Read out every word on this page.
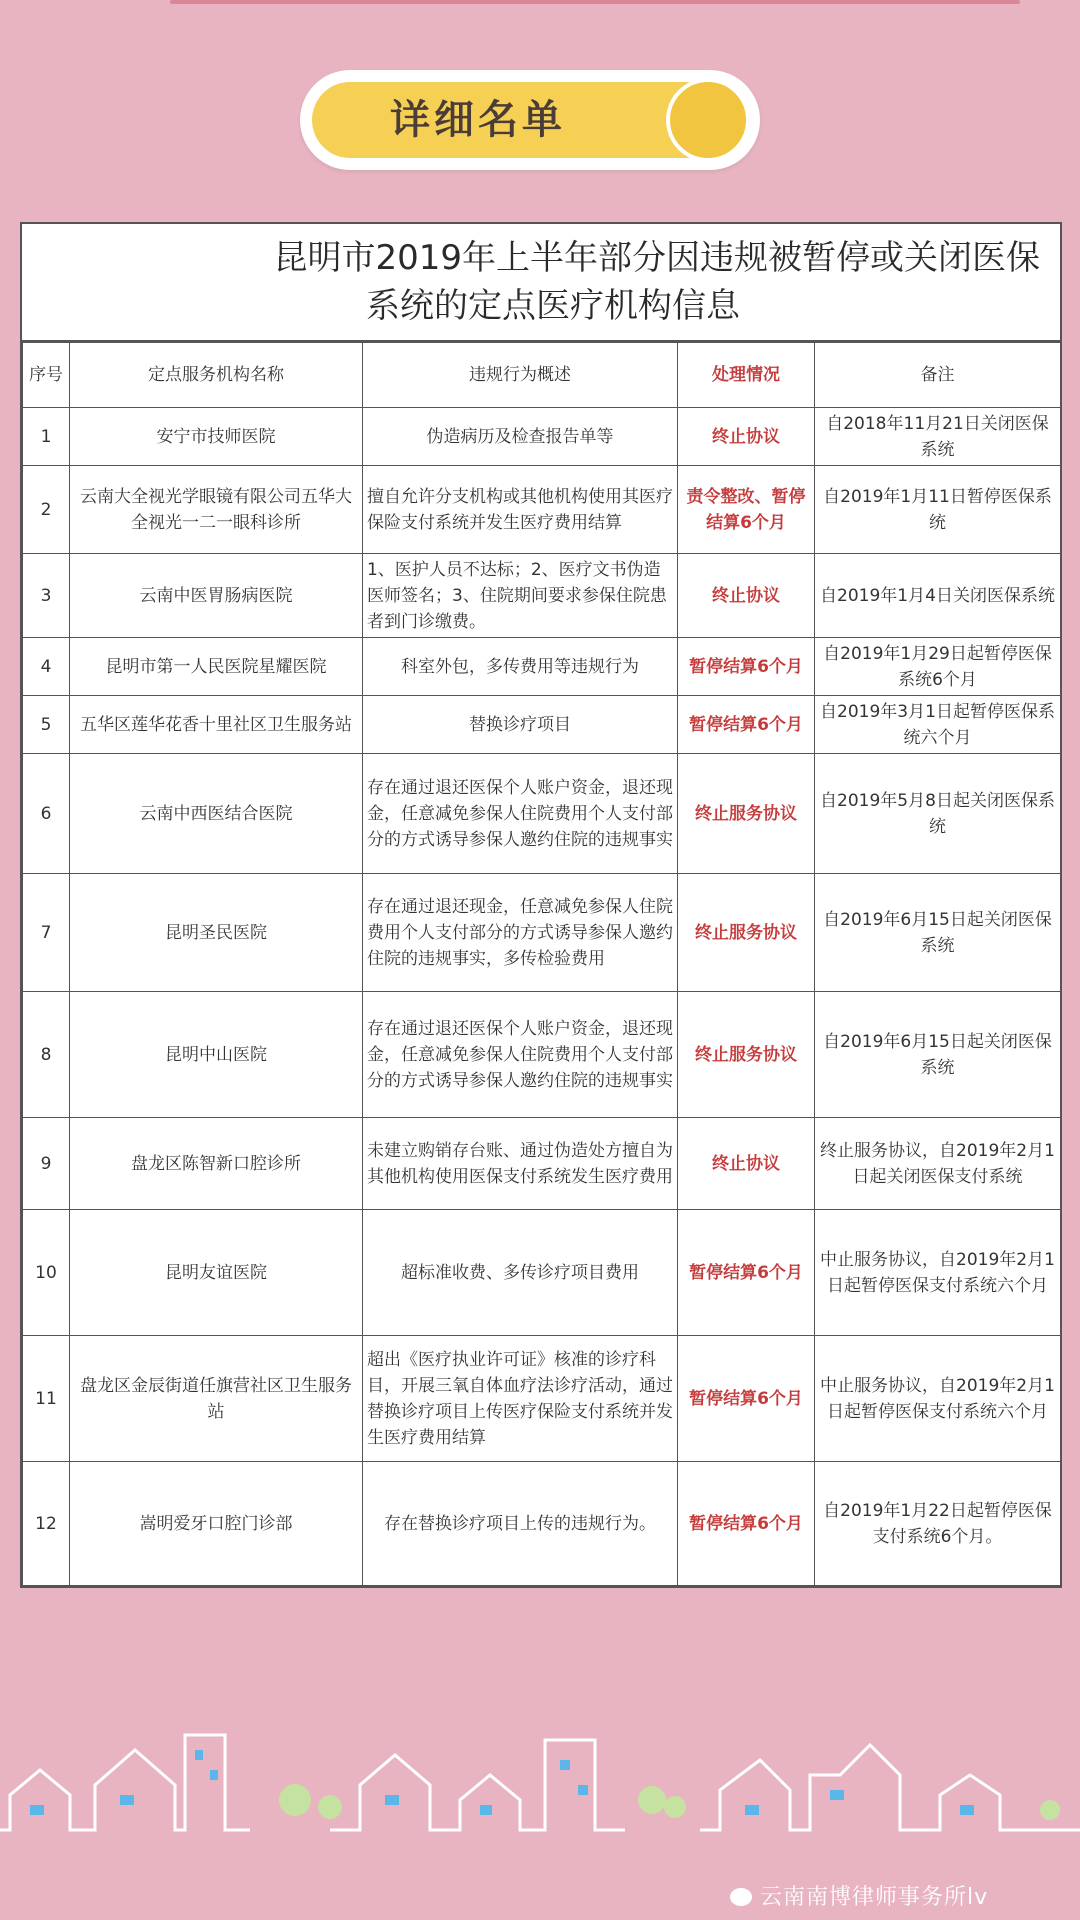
详细名单
昆明市2019年上半年部分因违规被暂停或关闭医保
系统的定点医疗机构信息
序号	定点服务机构名称	违规行为概述	处理情况	备注
1	安宁市技师医院	伪造病历及检查报告单等	终止协议	自2018年11月21日关闭医保系统
2	云南大全视光学眼镜有限公司五华大全视光一二一眼科诊所	擅自允许分支机构或其他机构使用其医疗保险支付系统并发生医疗费用结算	责令整改、暂停结算6个月	自2019年1月11日暂停医保系统
3	云南中医胃肠病医院	1、医护人员不达标；2、医疗文书伪造医师签名；3、住院期间要求参保住院患者到门诊缴费。	终止协议	自2019年1月4日关闭医保系统
4	昆明市第一人民医院星耀医院	科室外包，多传费用等违规行为	暂停结算6个月	自2019年1月29日起暂停医保系统6个月
5	五华区莲华花香十里社区卫生服务站	替换诊疗项目	暂停结算6个月	自2019年3月1日起暂停医保系统六个月
6	云南中西医结合医院	存在通过退还医保个人账户资金，退还现金，任意减免参保人住院费用个人支付部分的方式诱导参保人邀约住院的违规事实	终止服务协议	自2019年5月8日起关闭医保系统
7	昆明圣民医院	存在通过退还现金，任意减免参保人住院费用个人支付部分的方式诱导参保人邀约住院的违规事实，多传检验费用	终止服务协议	自2019年6月15日起关闭医保系统
8	昆明中山医院	存在通过退还医保个人账户资金，退还现金，任意减免参保人住院费用个人支付部分的方式诱导参保人邀约住院的违规事实	终止服务协议	自2019年6月15日起关闭医保系统
9	盘龙区陈智新口腔诊所	未建立购销存台账、通过伪造处方擅自为其他机构使用医保支付系统发生医疗费用	终止协议	终止服务协议，自2019年2月1日起关闭医保支付系统
10	昆明友谊医院	超标准收费、多传诊疗项目费用	暂停结算6个月	中止服务协议，自2019年2月1日起暂停医保支付系统六个月
11	盘龙区金辰街道任旗营社区卫生服务站	超出《医疗执业许可证》核准的诊疗科目，开展三氧自体血疗法诊疗活动，通过替换诊疗项目上传医疗保险支付系统并发生医疗费用结算	暂停结算6个月	中止服务协议，自2019年2月1日起暂停医保支付系统六个月
12	嵩明爱牙口腔门诊部	存在替换诊疗项目上传的违规行为。	暂停结算6个月	自2019年1月22日起暂停医保支付系统6个月。
云南南博律师事务所lv
